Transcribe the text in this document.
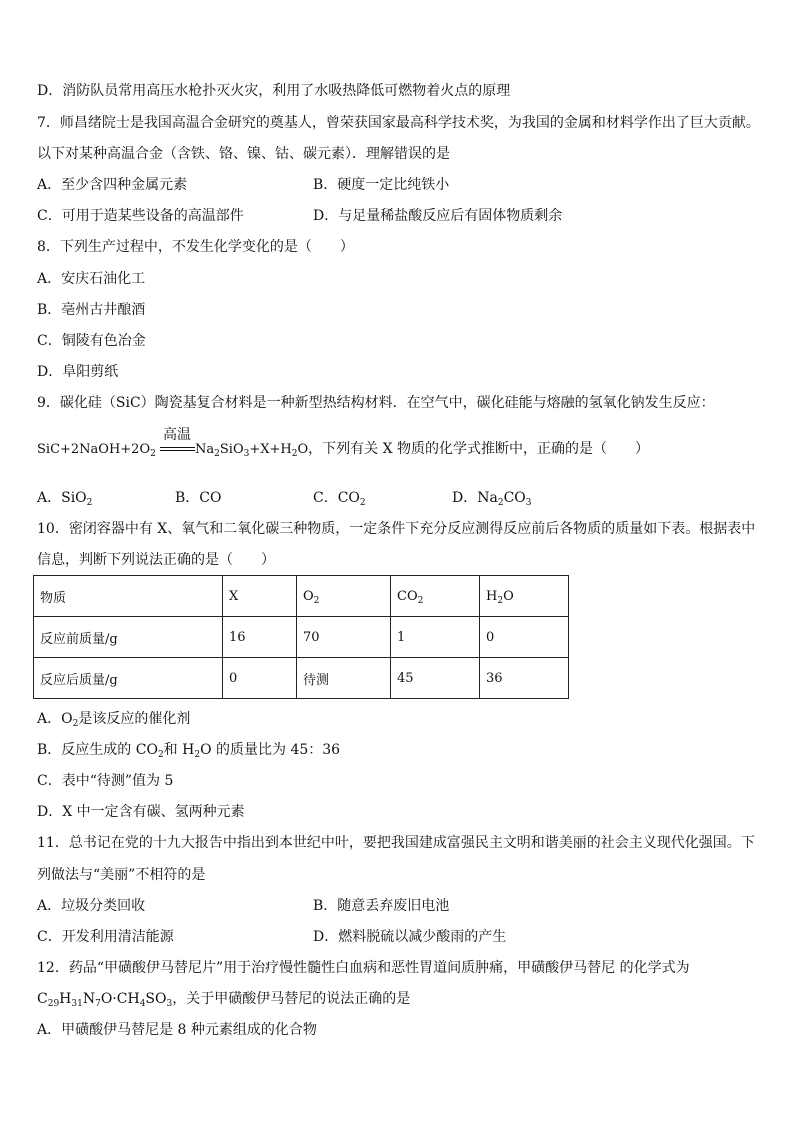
D．消防队员常用高压水枪扑灭火灾，利用了水吸热降低可燃物着火点的原理
7．师昌绪院士是我国高温合金研究的奠基人，曾荣获国家最高科学技术奖，为我国的金属和材料学作出了巨大贡献。
以下对某种高温合金（含铁、铬、镍、钴、碳元素）．理解错误的是
A．至少含四种金属元素	B．硬度一定比纯铁小
C．可用于造某些设备的高温部件	D．与足量稀盐酸反应后有固体物质剩余
8．下列生产过程中，不发生化学变化的是（　　）
A．安庆石油化工
B．亳州古井酿酒
C．铜陵有色冶金
D．阜阳剪纸
9．碳化硅（SiC）陶瓷基复合材料是一种新型热结构材料．在空气中，碳化硅能与熔融的氢氧化钠发生反应：
$SiC+2NaOH+2O_2$
高温
$Na_2SiO_3+X+H_2O$，下列有关 X 物质的化学式推断中，正确的是（　　）
A．SiO$_2$	B．CO	C．$CO_2$	D．$Na_2CO_3$
10．密闭容器中有 X、氧气和二氧化碳三种物质，一定条件下充分反应测得反应前后各物质的质量如下表。根据表中
信息，判断下列说法正确的是（　　）
物质	X	$O_2$	$CO_2$	$H_2O$
反应前质量/g	16	70	1	0
反应后质量/g	0	待测	45	36
A．$O_2$是该反应的催化剂
B．反应生成的 $CO_2$和 $H_2O$ 的质量比为 45：36
C．表中“待测”值为 5
D．X 中一定含有碳、氢两种元素
11．总书记在党的十九大报告中指出到本世纪中叶，要把我国建成富强民主文明和谐美丽的社会主义现代化强国。下
列做法与“美丽”不相符的是
A．垃圾分类回收	B．随意丢弃废旧电池
C．开发利用清洁能源	D．燃料脱硫以减少酸雨的产生
12．药品“甲磺酸伊马替尼片”用于治疗慢性髓性白血病和恶性胃道间质肿痛，甲磺酸伊马替尼 的化学式为
$C_{29}H_{31}N_7O\cdot CH_4SO_3$，关于甲磺酸伊马替尼的说法正确的是
A．甲磺酸伊马替尼是 8 种元素组成的化合物
